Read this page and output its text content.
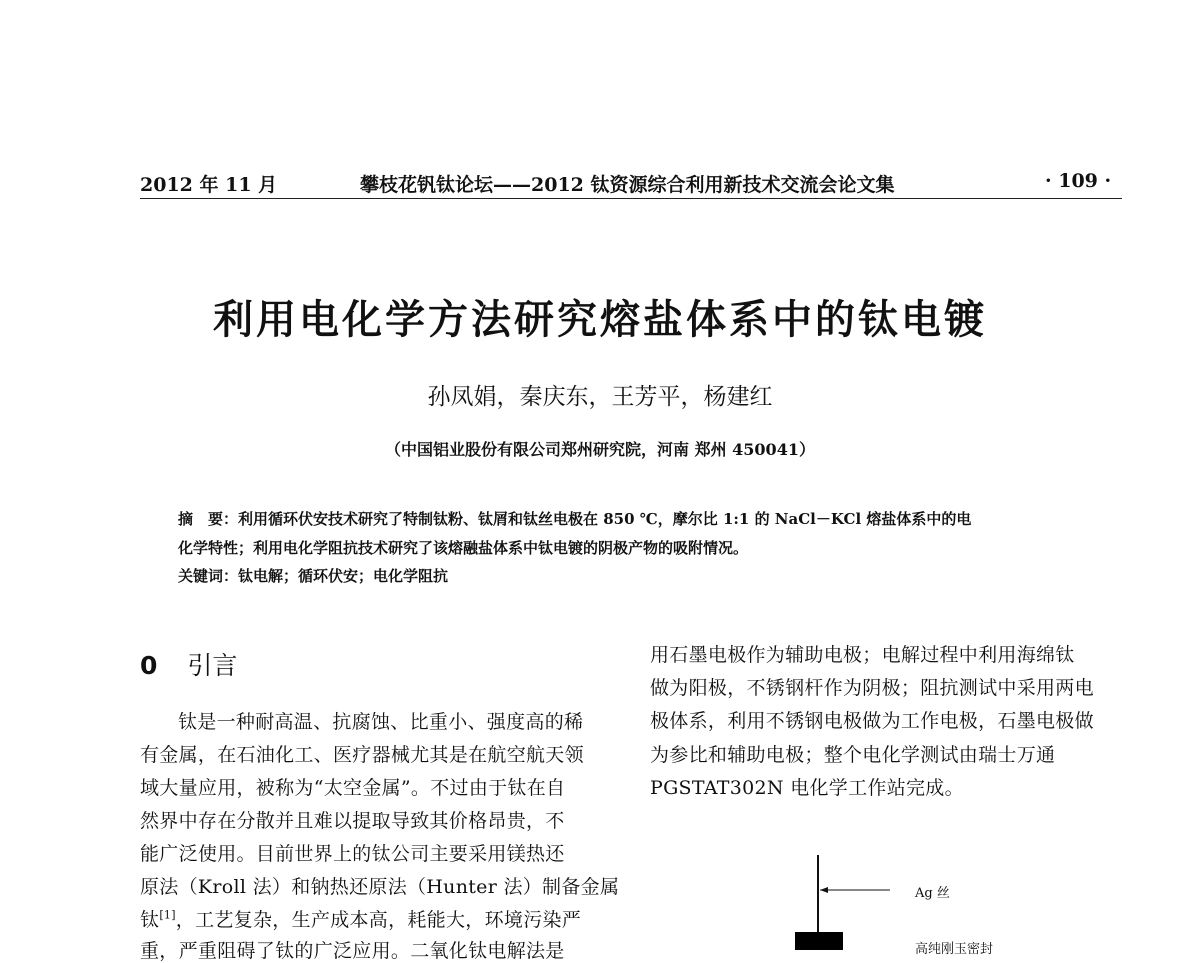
2012 年 11 月	攀枝花钒钛论坛——2012 钛资源综合利用新技术交流会论文集	· 109 ·
利用电化学方法研究熔盐体系中的钛电镀
孙凤娟，秦庆东，王芳平，杨建红
（中国铝业股份有限公司郑州研究院，河南 郑州 450041）
摘　要：利用循环伏安技术研究了特制钛粉、钛屑和钛丝电极在 850 ℃，摩尔比 1:1 的 NaCl－KCl 熔盐体系中的电
化学特性；利用电化学阻抗技术研究了该熔融盐体系中钛电镀的阴极产物的吸附情况。
关键词：钛电解；循环伏安；电化学阻抗
0 引言
钛是一种耐高温、抗腐蚀、比重小、强度高的稀
有金属，在石油化工、医疗器械尤其是在航空航天领
域大量应用，被称为“太空金属”。不过由于钛在自
然界中存在分散并且难以提取导致其价格昂贵，不
能广泛使用。目前世界上的钛公司主要采用镁热还
原法（Kroll 法）和钠热还原法（Hunter 法）制备金属
钛[1]，工艺复杂，生产成本高，耗能大，环境污染严
重，严重阻碍了钛的广泛应用。二氧化钛电解法是
用石墨电极作为辅助电极；电解过程中利用海绵钛
做为阳极，不锈钢杆作为阴极；阻抗测试中采用两电
极体系，利用不锈钢电极做为工作电极，石墨电极做
为参比和辅助电极；整个电化学测试由瑞士万通
PGSTAT302N 电化学工作站完成。
Ag 丝
高纯刚玉密封
